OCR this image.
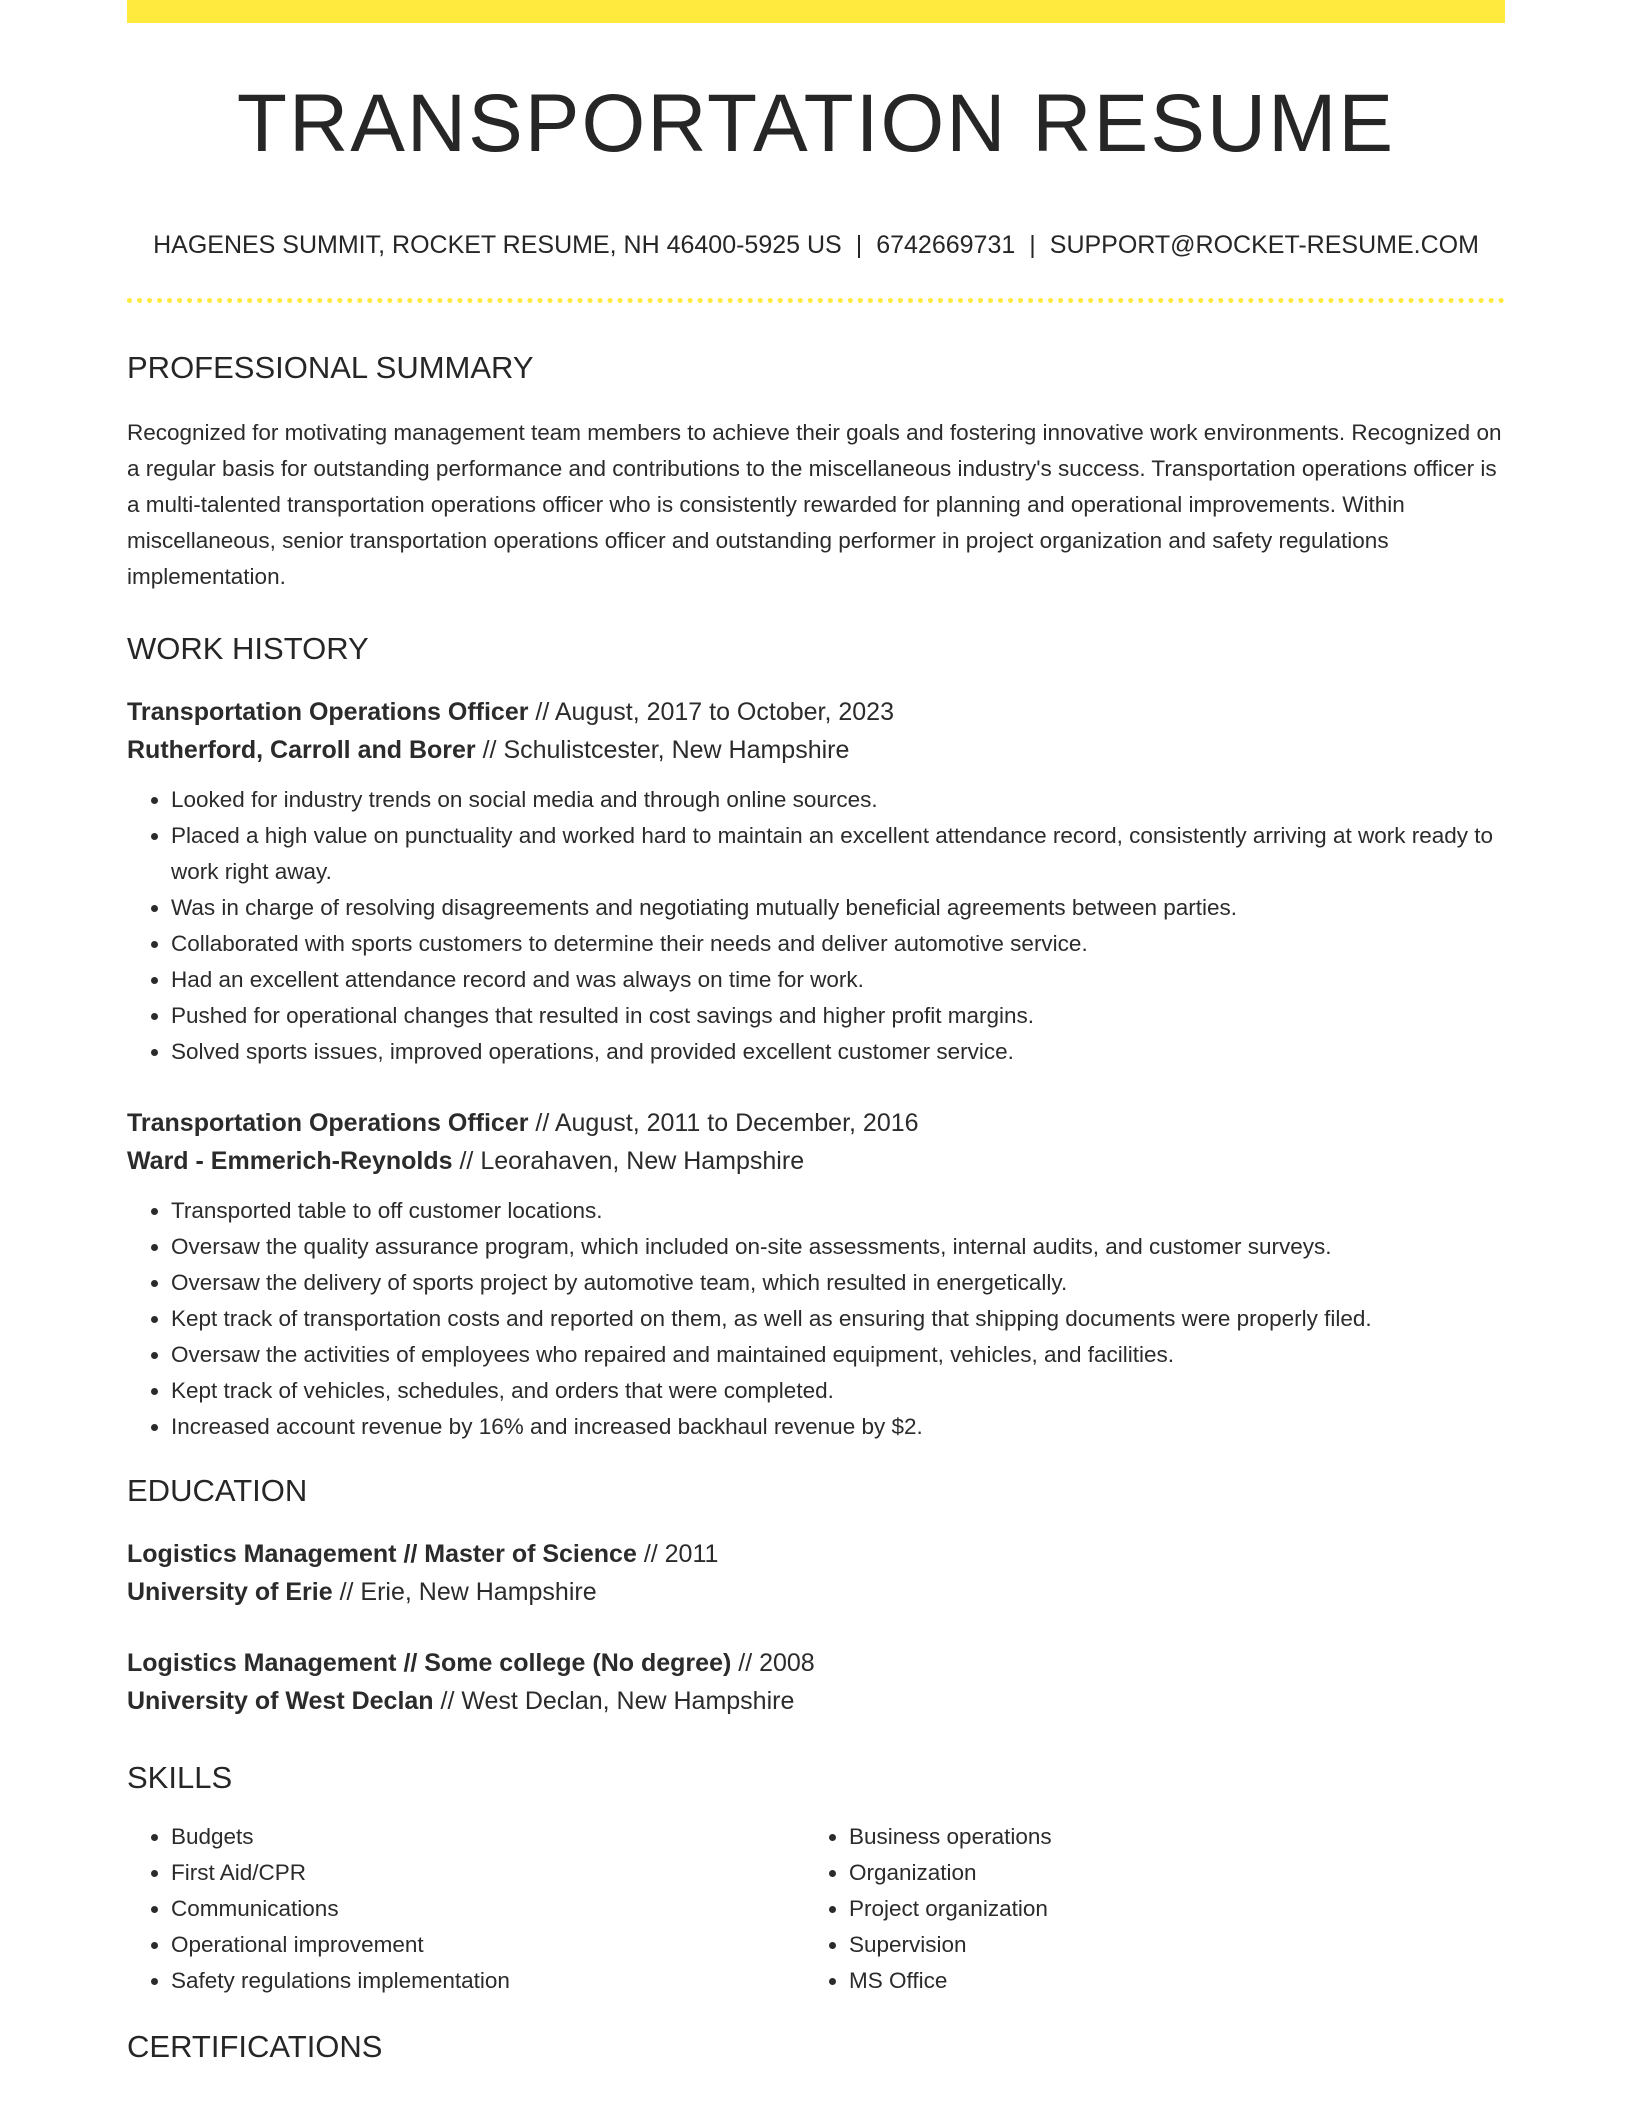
TRANSPORTATION RESUME
HAGENES SUMMIT, ROCKET RESUME, NH 46400-5925 US | 6742669731 | SUPPORT@ROCKET-RESUME.COM
PROFESSIONAL SUMMARY
Recognized for motivating management team members to achieve their goals and fostering innovative work environments. Recognized on a regular basis for outstanding performance and contributions to the miscellaneous industry's success. Transportation operations officer is a multi-talented transportation operations officer who is consistently rewarded for planning and operational improvements. Within miscellaneous, senior transportation operations officer and outstanding performer in project organization and safety regulations implementation.
WORK HISTORY
Transportation Operations Officer // August, 2017 to October, 2023
Rutherford, Carroll and Borer // Schulistcester, New Hampshire
• Looked for industry trends on social media and through online sources.
• Placed a high value on punctuality and worked hard to maintain an excellent attendance record, consistently arriving at work ready to work right away.
• Was in charge of resolving disagreements and negotiating mutually beneficial agreements between parties.
• Collaborated with sports customers to determine their needs and deliver automotive service.
• Had an excellent attendance record and was always on time for work.
• Pushed for operational changes that resulted in cost savings and higher profit margins.
• Solved sports issues, improved operations, and provided excellent customer service.
Transportation Operations Officer // August, 2011 to December, 2016
Ward - Emmerich-Reynolds // Leorahaven, New Hampshire
• Transported table to off customer locations.
• Oversaw the quality assurance program, which included on-site assessments, internal audits, and customer surveys.
• Oversaw the delivery of sports project by automotive team, which resulted in energetically.
• Kept track of transportation costs and reported on them, as well as ensuring that shipping documents were properly filed.
• Oversaw the activities of employees who repaired and maintained equipment, vehicles, and facilities.
• Kept track of vehicles, schedules, and orders that were completed.
• Increased account revenue by 16% and increased backhaul revenue by $2.
EDUCATION
Logistics Management // Master of Science // 2011
University of Erie // Erie, New Hampshire
Logistics Management // Some college (No degree) // 2008
University of West Declan // West Declan, New Hampshire
SKILLS
• Budgets
• First Aid/CPR
• Communications
• Operational improvement
• Safety regulations implementation
• Business operations
• Organization
• Project organization
• Supervision
• MS Office
CERTIFICATIONS
